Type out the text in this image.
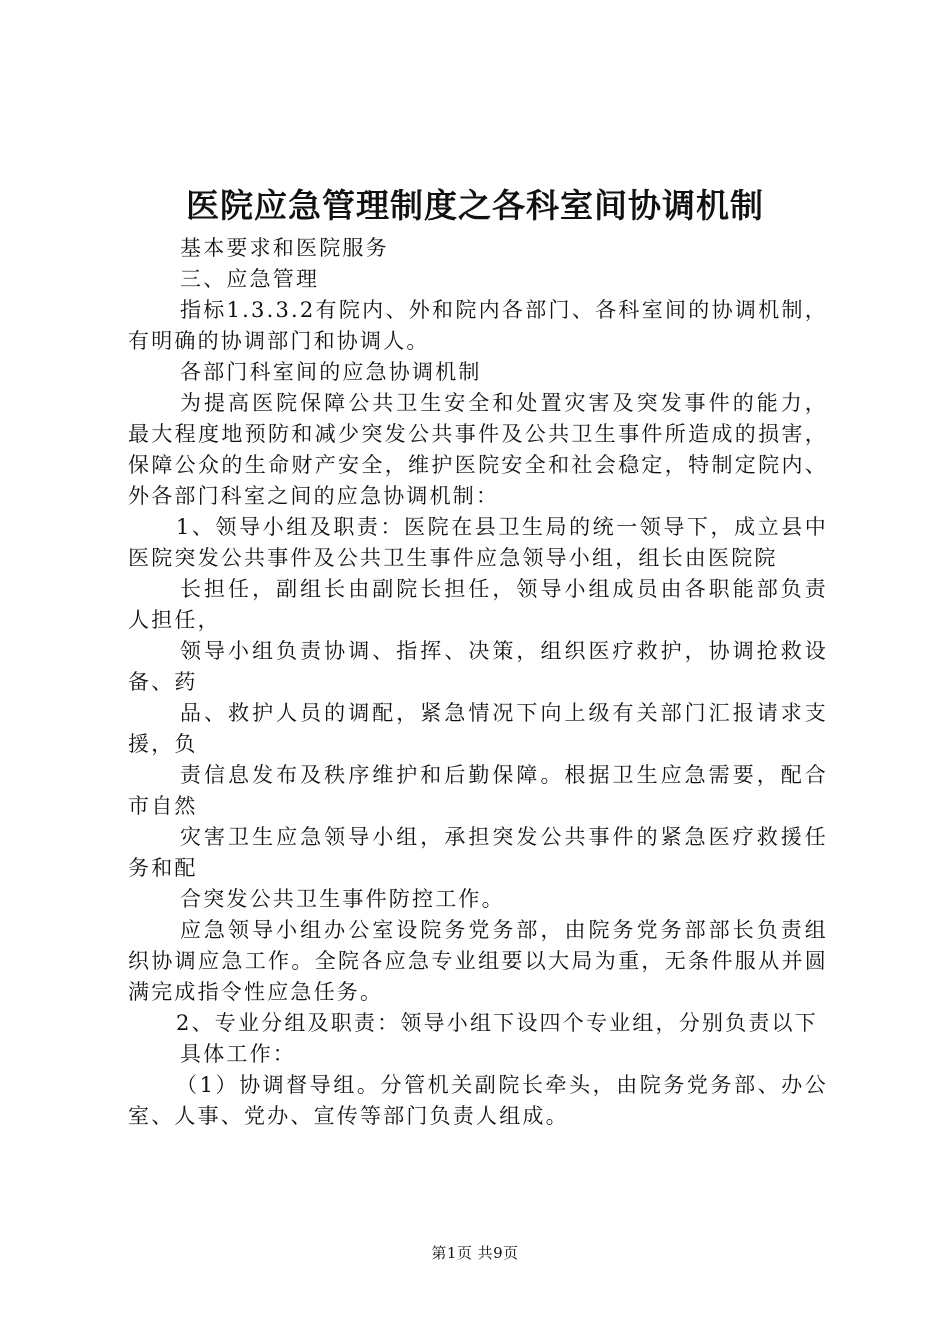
医院应急管理制度之各科室间协调机制

基本要求和医院服务

三、应急管理

指标1.3.3.2有院内、外和院内各部门、各科室间的协调机制，有明确的协调部门和协调人。

各部门科室间的应急协调机制

为提高医院保障公共卫生安全和处置灾害及突发事件的能力，最大程度地预防和减少突发公共事件及公共卫生事件所造成的损害，保障公众的生命财产安全，维护医院安全和社会稳定，特制定院内、外各部门科室之间的应急协调机制：

1、领导小组及职责：医院在县卫生局的统一领导下，成立县中医院突发公共事件及公共卫生事件应急领导小组，组长由医院院

长担任，副组长由副院长担任，领导小组成员由各职能部负责人担任，

领导小组负责协调、指挥、决策，组织医疗救护，协调抢救设备、药

品、救护人员的调配，紧急情况下向上级有关部门汇报请求支援，负

责信息发布及秩序维护和后勤保障。根据卫生应急需要，配合市自然

灾害卫生应急领导小组，承担突发公共事件的紧急医疗救援任务和配

合突发公共卫生事件防控工作。

应急领导小组办公室设院务党务部，由院务党务部部长负责组织协调应急工作。全院各应急专业组要以大局为重，无条件服从并圆满完成指令性应急任务。

2、专业分组及职责：领导小组下设四个专业组，分别负责以下

具体工作：

（1）协调督导组。分管机关副院长牵头，由院务党务部、办公室、人事、党办、宣传等部门负责人组成。

第1页 共9页
